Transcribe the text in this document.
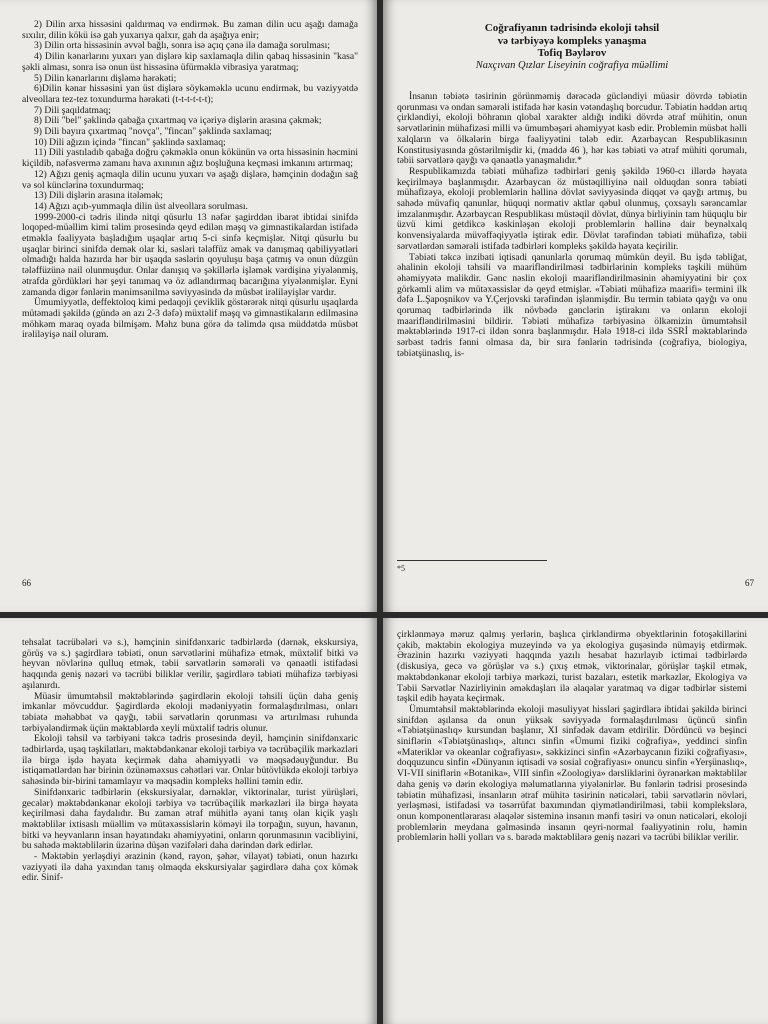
2) Dilin arxa hissəsini qaldırmaq və endirmək. Bu zaman dilin ucu aşağı damağa sıxılır, dilin kökü isə gah yuxarıya qalxır, gah da aşağıya enir;

3) Dilin orta hissəsinin əvvəl bağlı, sonra isə açıq çənə ilə damağa sorulması;

4) Dilin kənarlarını yuxarı yan dişlərə kip saxlamaqla dilin qabaq hissəsinin "kasa" şəkli alması, sonra isə onun üst hissəsinə üfürməklə vibrasiya yaratmaq;

5) Dilin kənarlarını dişləmə hərəkəti;

6)Dilin kənar hissəsini yan üst dişlərə söykəməklə ucunu endirmək, bu vəziyyətdə alveollara tez-tez toxundurma hərəkəti (t-t-t-t-t-t);

7) Dili şaqıldatmaq;

8) Dili "bel" şəklində qabağa çıxartmaq və içəriyə dişlərin arasına çəkmək;

9) Dili bayıra çıxartmaq "novça", "fincan" şəklində saxlamaq;

10) Dili ağızın içində "fincan" şəklində saxlamaq;

11) Dili yastıladıb qabağa doğru çəkməklə onun kökünün və orta hissəsinin həcmini kiçildib, nəfəsvermə zamanı hava axınının ağız boşluğuna keçməsi imkanını artırmaq;

12) Ağızı geniş açmaqla dilin ucunu yuxarı və aşağı dişlərə, həmçinin dodağın sağ və sol küncləri̇nə toxundurmaq;

13) Dili dişlərin arasına itələmək;

14) Ağızı açıb-yummaqla dilin üst alveollara sorulması.

1999-2000-ci tədris ilində nitqi qüsurlu 13 nəfər şagirddən ibarət ibtidai sinifdə loqoped-müəllim kimi təlim prosesində qeyd edilən məşq və gimnastikalardan istifadə etməklə fəaliyyətə başladığım uşaqlar artıq 5-ci sinfə keçmişlər. Nitqi qüsurlu bu uşaqlar birinci sinifdə demək olar ki, səsləri tələffüz əmək və danışmaq qabiliyyətləri olmadığı halda hazırda hər bir uşaqda səslərin qoyuluşu başa çatmış və onun düzgün tələffüzünə nail olunmuşdur. Onlar danışıq və şəkillərlə işləmək vərdişinə yiyələnmiş, ətrafda gördükləri hər şeyi tanımaq və öz adlandırmaq bacarığına yiyələnmişlər. Eyni zamanda digər fənlərin mənimsənilmə səviyyəsində də müsbət irəliləyişlər vardır.

Ümumiyyətlə, deffektoloq kimi pedaqoji çeviklik göstərərək nitqi qüsurlu uşaqlarda mütəmadi şəkildə (gündə ən azı 2-3 dəfə) müxtəlif məşq və gimnastikaların edilməsinə möhkəm maraq oyada bilmişəm. Məhz buna görə də təlimdə qısa müddətdə müsbət irəliləyişə nail oluram.

66
Coğrafiyanın tədrisində ekoloji təhsil
və tərbiyəyə kompleks yanaşma
Tofiq Bəylərov
Naxçıvan Qızlar Liseyinin coğrafiya müəllimi

İnsanın təbiətə təsirinin görünməmiş dərəcədə gücləndiyi müasir dövrdə təbiətin qorunması və ondan səmərəli istifadə hər kəsin vətəndaşlıq borcudur. Təbiətin həddən artıq çirkləndiyi, ekoloji böhranın qlobal xarakter aldığı indiki dövrdə ətraf mühitin, onun sərvətlərinin mühafizəsi milli və ümumbəşəri əhəmiyyət kəsb edir. Problemin müsbət həlli xalqların və ölkələrin birgə fəaliyyətini tələb edir. Azərbaycan Respublikasının Konstitusiyasında göstərilmişdir ki, (maddə 46 ), hər kəs təbiəti və ətraf mühiti qorumalı, təbii sərvətlərə qayğı və qənaətlə yanaşmalıdır.*

Respublikamızda təbiəti mühafizə tədbirləri geniş şəkildə 1960-cı illərdə həyata keçirilməyə başlanmışdır. Azərbaycan öz müstəqilliyinə nail olduqdan sonra təbiəti mühafizəyə, ekoloji problemlərin həllinə dövlət səviyyəsində diqqət və qayğı artmış, bu sahədə müvafiq qanunlar, hüquqi normativ aktlar qəbul olunmuş, çoxsaylı sərəncamlar imzalanmışdır. Azərbaycan Respublikası müstəqil dövlət, dünya birliyinin tam hüquqlu bir üzvü kimi getdikcə kəskinləşən ekoloji problemlərin həllinə dair beynəlxalq konvensiyalarda müvəffəqiyyətlə iştirak edir. Dövlət tərəfindən təbiəti mühafizə, təbii sərvətlərdən səmərəli istifadə tədbirləri kompleks şəkildə həyata keçirilir.

Təbiəti təkcə inzibati iqtisadi qanunlarla qorumaq mümkün deyil. Bu işdə təbliğat, əhalinin ekoloji təhsili və maarifləndirilməsi tədbirlərinin kompleks təşkili mühüm əhəmiyyətə malikdir. Gənc nəslin ekoloji maarifləndirilməsinin əhəmiyyətini bir çox görkəmli alim və mütəxəssislər də qeyd etmişlər. «Təbiəti mühafizə maarifi» termini ilk dəfə L.Şapoşnikov və Y.Çerjovski tərəfindən işlənmişdir. Bu termin təbiətə qayğı və onu qorumaq tədbirlərində ilk növbədə gənclərin iştirakını və onların ekoloji maarifləndirilməsini bildirir. Təbiəti mühafizə tərbiyəsinə ölkəmizin ümumtəhsil məktəblərində 1917-ci ildən sonra başlanmışdır. Hələ 1918-ci ildə SSRİ məktəblərində sərbəst tədris fənni olmasa da, bir sıra fənlərin tədrisində (coğrafiya, biologiya, təbiətşünaslıq, is-

*5
67

tehsalat təcrübələri və s.), həmçinin sinifdənxaric tədbirlərdə (dərnək, ekskursiya, görüş və s.) şagirdlərə təbiəti, onun sərvətlərini mühafizə etmək, müxtəlif bitki və heyvan növlərinə qulluq etmək, təbii sərvətlərin səmərəli və qənaətli istifadəsi haqqında geniş nəzəri və təcrübi biliklər verilir, şagirdlərə təbiəti mühafizə tərbiyəsi aşılanırdı.

Müasir ümumtəhsil məktəblərində şagirdlərin ekoloji təhsili üçün daha geniş imkanlar mövcuddur. Şagirdlərdə ekoloji mədəniyyətin formalaşdırılması, onları təbiətə məhəbbət və qayğı, təbii sərvətlərin qorunması və artırılması ruhunda tərbiyələndirmək üçün məktəblərdə xeyli müxtəlif tədris olunur.

Ekoloji təhsil və tərbiyəni təkcə tədris prosesində deyil, həmçinin sinifdənxaric tədbirlərdə, uşaq təşkilatları, məktəbdənkənar ekoloji tərbiyə və təcrübəçilik mərkəzləri ilə birgə işdə həyata keçirmək daha əhəmiyyətli və məqsədəuyğundur. Bu istiqamətlərdən hər birinin özünəməxsus cəhətləri var. Onlar bütövlükdə ekoloji tərbiyə sahəsində bir-birini tamamlayır və məqsədin kompleks həllini təmin edir.

Sinifdənxaric tədbirlərin (ekskursiyalar, dərnəklər, viktorinalar, turist yürüşləri, gecələr) məktəbdənkənar ekoloji tərbiyə və təcrübəçilik mərkəzləri ilə birgə həyata keçirilməsi daha faydalıdır. Bu zaman ətraf mühitlə əyani tanış olan kiçik yaşlı məktəblilər ixtisaslı müəllim və mütəxəssislərin köməyi ilə torpağın, suyun, havanın, bitki və heyvanların insan həyatındakı əhəmiyyətini, onların qorunmasının vacibliyini, bu sahədə məktəblilərin üzərinə düşən vəzifələri daha dərindən dərk edirlər.

- Məktəbin yerləşdiyi ərazinin (kənd, rayon, şəhər, vilayət) təbiəti, onun hazırkı vəziyyəti ilə daha yaxından tanış olmaqda ekskursiyalar şagirdlərə daha çox kömək edir. Sinif-

çirklənməyə məruz qalmış yerlərin, başlıca çirkləndirmə obyektlərinin fotoşəkillərini çəkib, məktəbin ekologiya muzeyində və ya ekologiya guşəsində nümayiş etdirmək. Ərazinin hazırkı vəziyyəti haqqında yazılı hesabat hazırlayıb ictimai tədbirlərdə (diskusiya, gecə və görüşlər və s.) çıxış etmək, viktorinalar, görüşlər təşkil etmək, məktəbdənkənar ekoloji tərbiyə mərkəzi, turist bazaları, estetik mərkəzlər, Ekologiya və Təbii Sərvətlər Nazirliyinin əməkdaşları ilə əlaqələr yaratmaq və digər tədbirlər sistemi təşkil edib həyata keçirmək.

Ümumtəhsil məktəblərində ekoloji məsuliyyət hissləri şagirdlərə ibtidai şəkildə birinci sinifdən aşılansa da onun yüksək səviyyədə formalaşdırılması üçüncü sinfin «Təbiətşünaslıq» kursundan başlanır, XI sinfədək davam etdirilir. Dördüncü və beşinci siniflərin «Təbiətşünaslıq», altıncı sinfin «Ümumi fiziki coğrafiya», yeddinci sinfin «Materiklər və okeanlar coğrafiyası», səkkizinci sinfin «Azərbaycanın fiziki coğrafiyası», doqquzuncu sinfin «Dünyanın iqtisadi və sosial coğrafiyası» onuncu sinfin «Yerşünaslıq», VI-VII siniflərin «Botanika», VIII sinfin «Zoologiya» dərsliklərini öyrənərkən məktəblilər daha geniş və dərin ekologiya məlumatlarına yiyələnirlər. Bu fənlərin tədrisi prosesində təbiətin mühafizəsi, insanların ətraf mühitə təsirinin nəticələri, təbii sərvətlərin növləri, yerləşməsi, istifadəsi və təsərrüfat baxımından qiymətləndirilməsi, təbii komplekslərə, onun komponentlərarası əlaqələr sisteminə insanın mənfi təsiri və onun nəticələri, ekoloji problemlərin meydana gəlməsində insanın qeyri-normal fəaliyyətinin rolu, həmin problemlərin həlli yolları və s. barədə məktəblilərə geniş nəzəri və təcrübi biliklər verilir.
